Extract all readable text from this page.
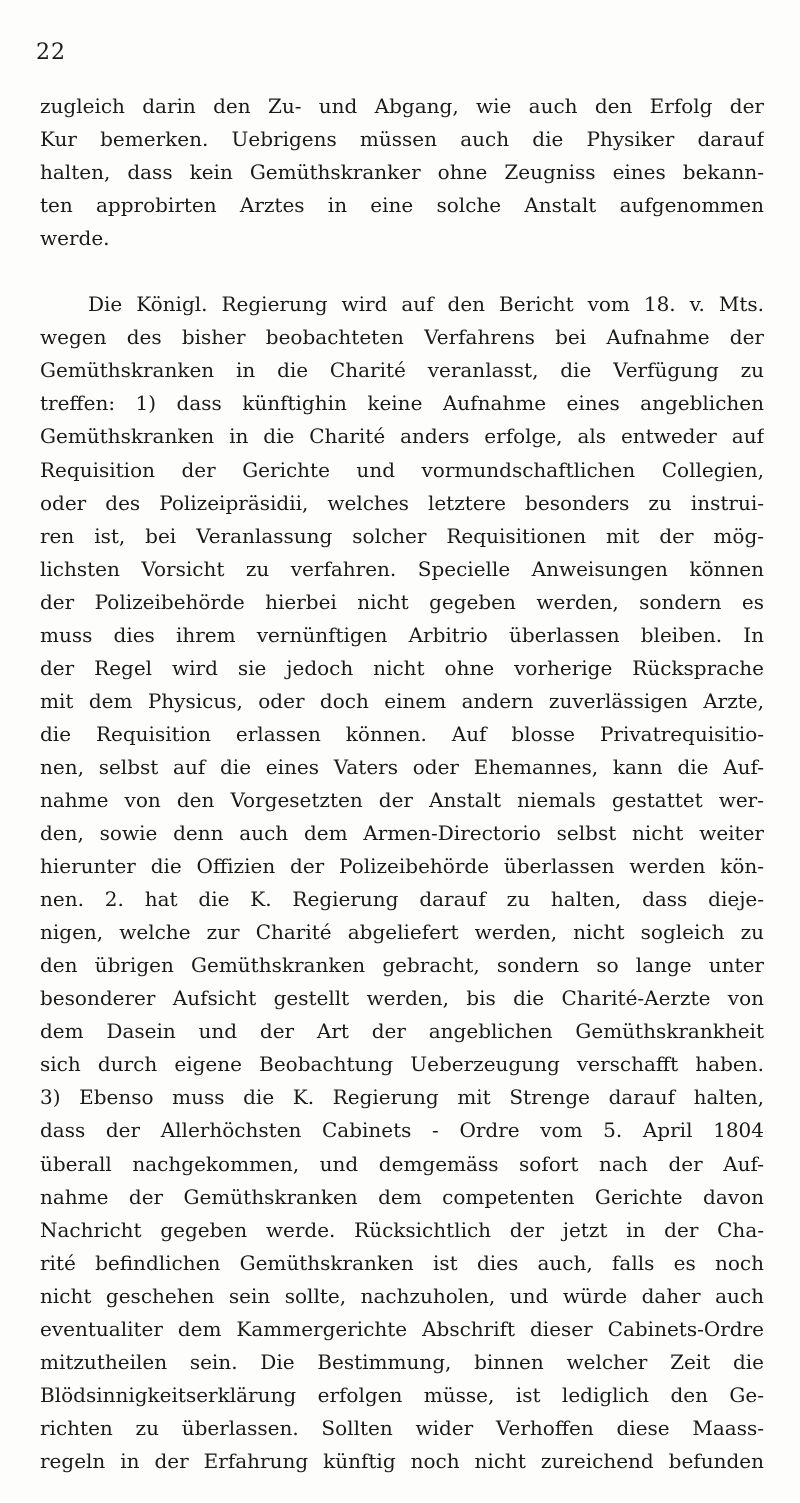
22
zugleich darin den Zu- und Abgang, wie auch den Erfolg der
Kur bemerken. Uebrigens müssen auch die Physiker darauf
halten, dass kein Gemüthskranker ohne Zeugniss eines bekann-
ten approbirten Arztes in eine solche Anstalt aufgenommen
werde.
Die Königl. Regierung wird auf den Bericht vom 18. v. Mts.
wegen des bisher beobachteten Verfahrens bei Aufnahme der
Gemüthskranken in die Charité veranlasst, die Verfügung zu
treffen: 1) dass künftighin keine Aufnahme eines angeblichen
Gemüthskranken in die Charité anders erfolge, als entweder auf
Requisition der Gerichte und vormundschaftlichen Collegien,
oder des Polizeipräsidii, welches letztere besonders zu instrui-
ren ist, bei Veranlassung solcher Requisitionen mit der mög-
lichsten Vorsicht zu verfahren. Specielle Anweisungen können
der Polizeibehörde hierbei nicht gegeben werden, sondern es
muss dies ihrem vernünftigen Arbitrio überlassen bleiben. In
der Regel wird sie jedoch nicht ohne vorherige Rücksprache
mit dem Physicus, oder doch einem andern zuverlässigen Arzte,
die Requisition erlassen können. Auf blosse Privatrequisitio-
nen, selbst auf die eines Vaters oder Ehemannes, kann die Auf-
nahme von den Vorgesetzten der Anstalt niemals gestattet wer-
den, sowie denn auch dem Armen-Directorio selbst nicht weiter
hierunter die Offizien der Polizeibehörde überlassen werden kön-
nen. 2. hat die K. Regierung darauf zu halten, dass dieje-
nigen, welche zur Charité abgeliefert werden, nicht sogleich zu
den übrigen Gemüthskranken gebracht, sondern so lange unter
besonderer Aufsicht gestellt werden, bis die Charité-Aerzte von
dem Dasein und der Art der angeblichen Gemüthskrankheit
sich durch eigene Beobachtung Ueberzeugung verschafft haben.
3) Ebenso muss die K. Regierung mit Strenge darauf halten,
dass der Allerhöchsten Cabinets - Ordre vom 5. April 1804
überall nachgekommen, und demgemäss sofort nach der Auf-
nahme der Gemüthskranken dem competenten Gerichte davon
Nachricht gegeben werde. Rücksichtlich der jetzt in der Cha-
rité befindlichen Gemüthskranken ist dies auch, falls es noch
nicht geschehen sein sollte, nachzuholen, und würde daher auch
eventualiter dem Kammergerichte Abschrift dieser Cabinets-Ordre
mitzutheilen sein. Die Bestimmung, binnen welcher Zeit die
Blödsinnigkeitserklärung erfolgen müsse, ist lediglich den Ge-
richten zu überlassen. Sollten wider Verhoffen diese Maass-
regeln in der Erfahrung künftig noch nicht zureichend befunden
